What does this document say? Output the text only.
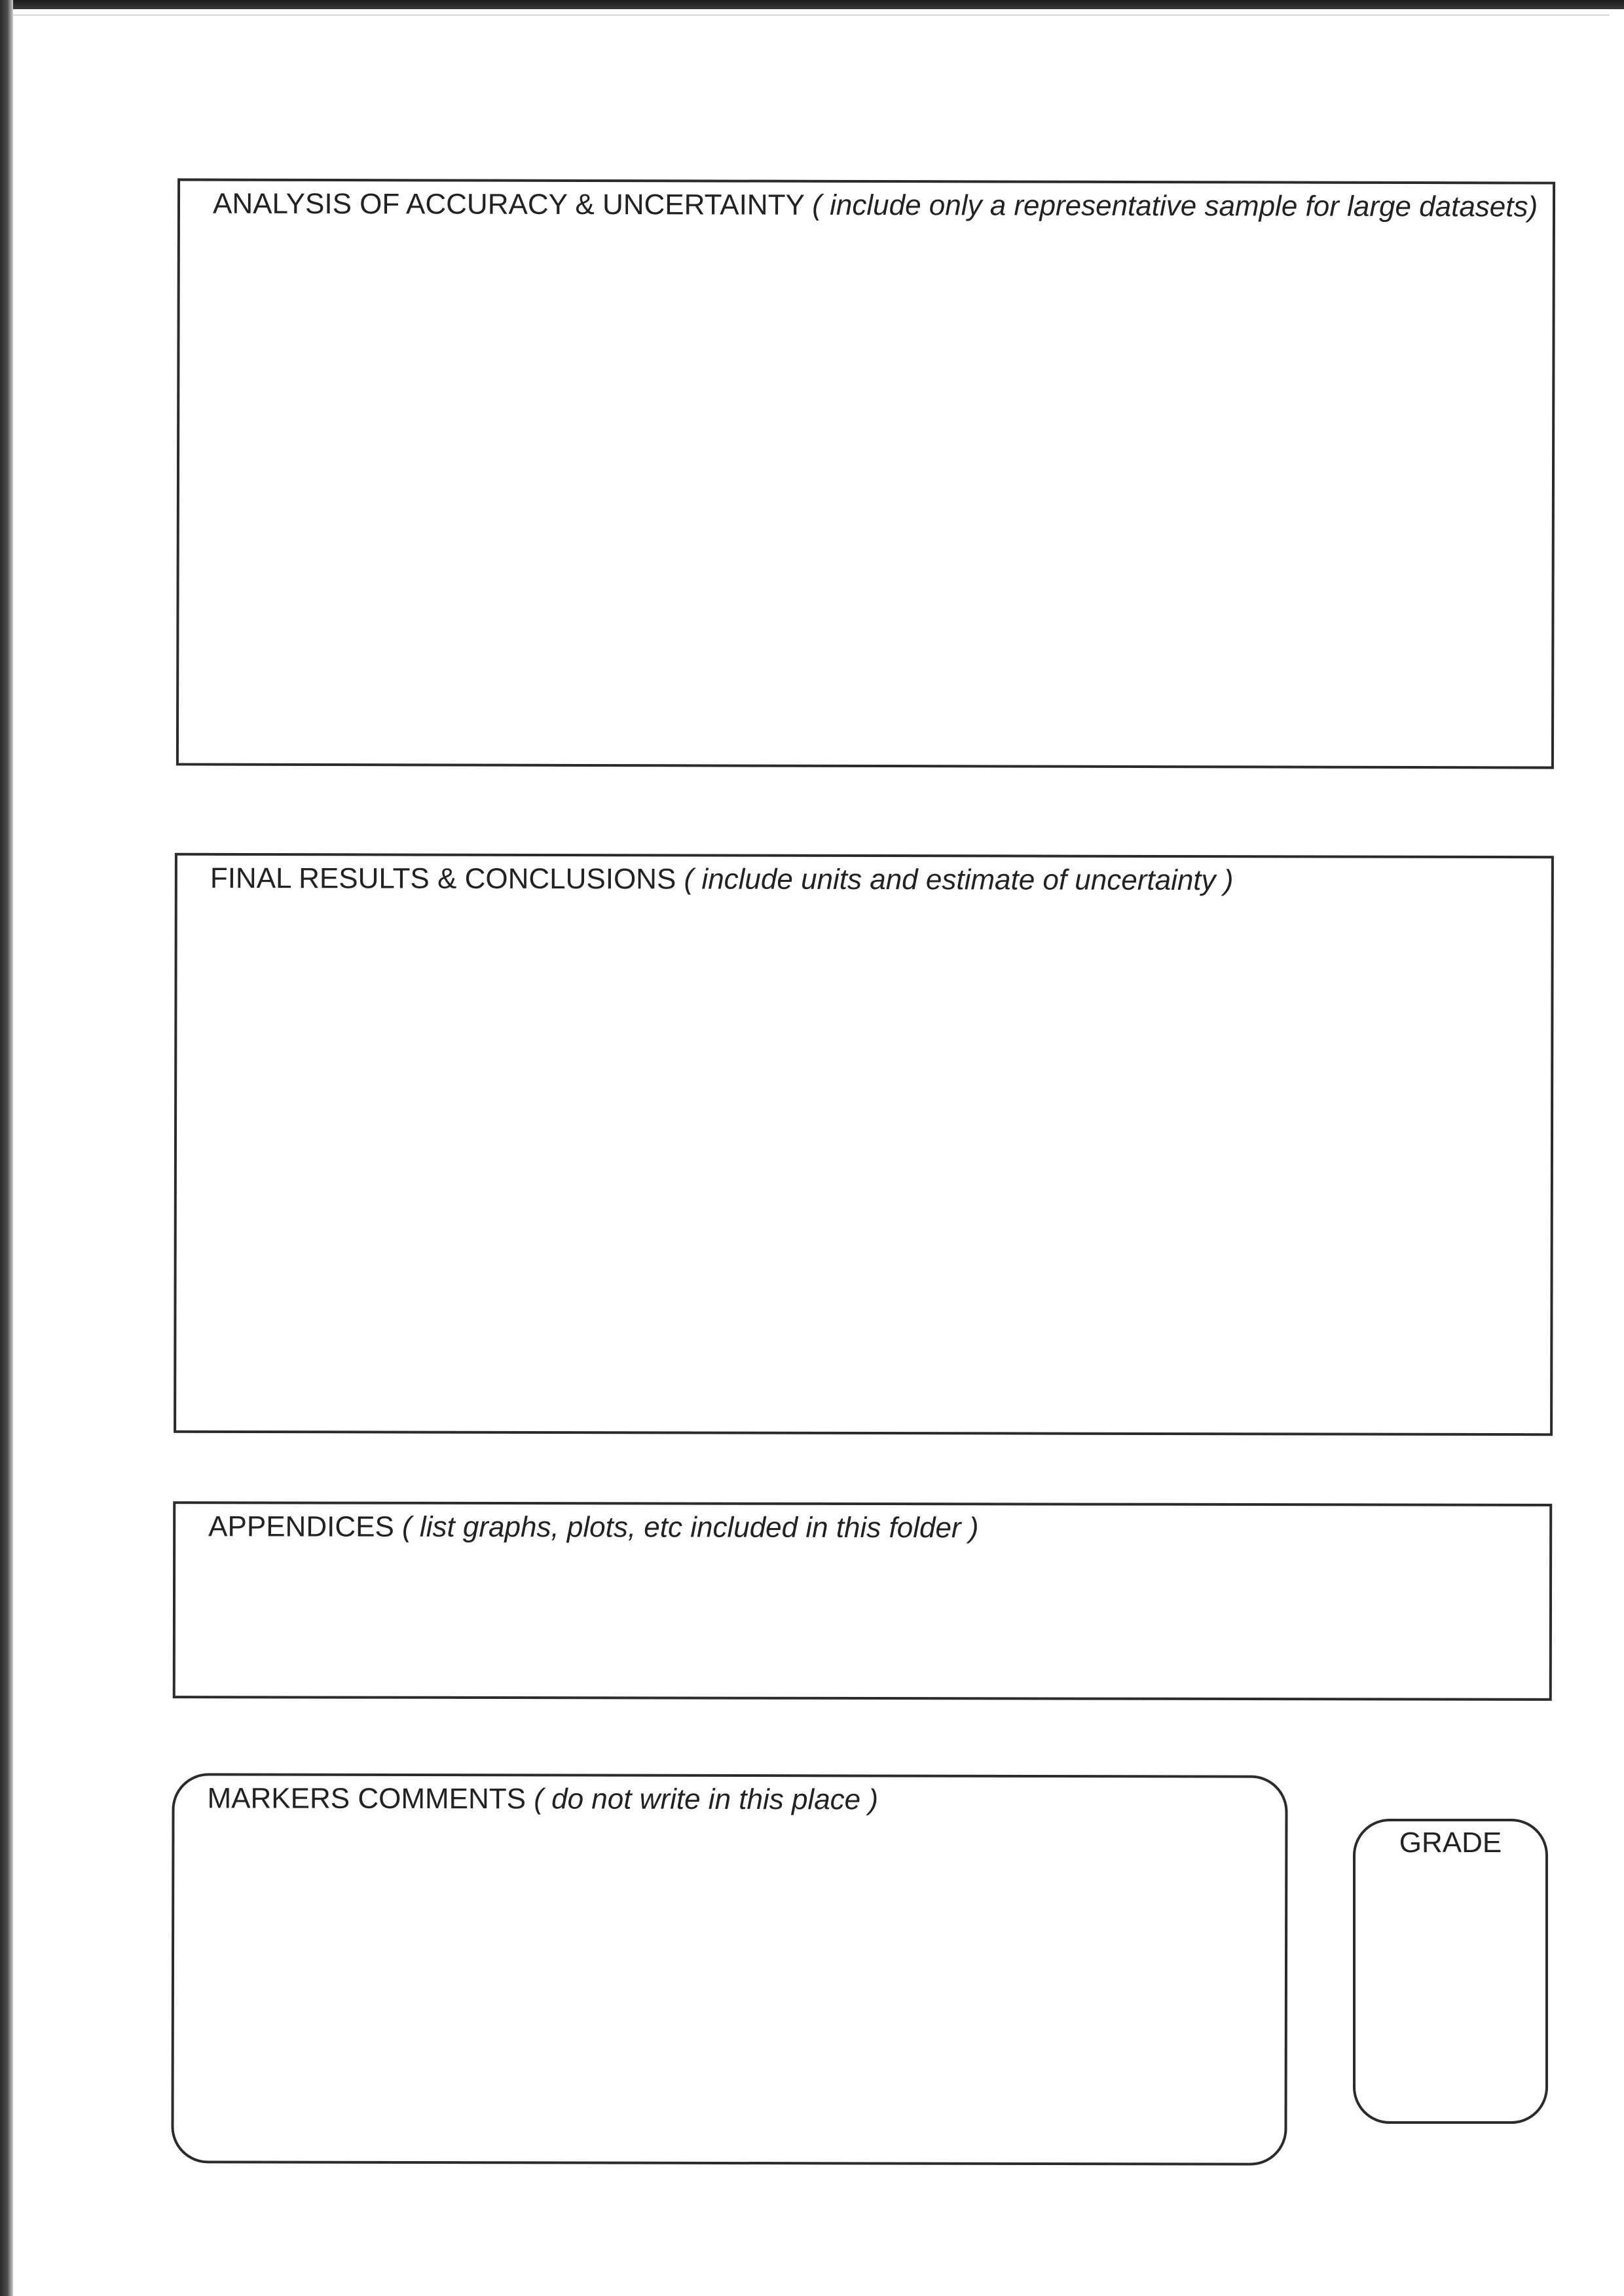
ANALYSIS OF ACCURACY & UNCERTAINTY ( include only a representative sample for large datasets)
FINAL RESULTS & CONCLUSIONS ( include units and estimate of uncertainty )
APPENDICES ( list graphs, plots, etc included in this folder )
MARKERS COMMENTS ( do not write in this place )
GRADE
